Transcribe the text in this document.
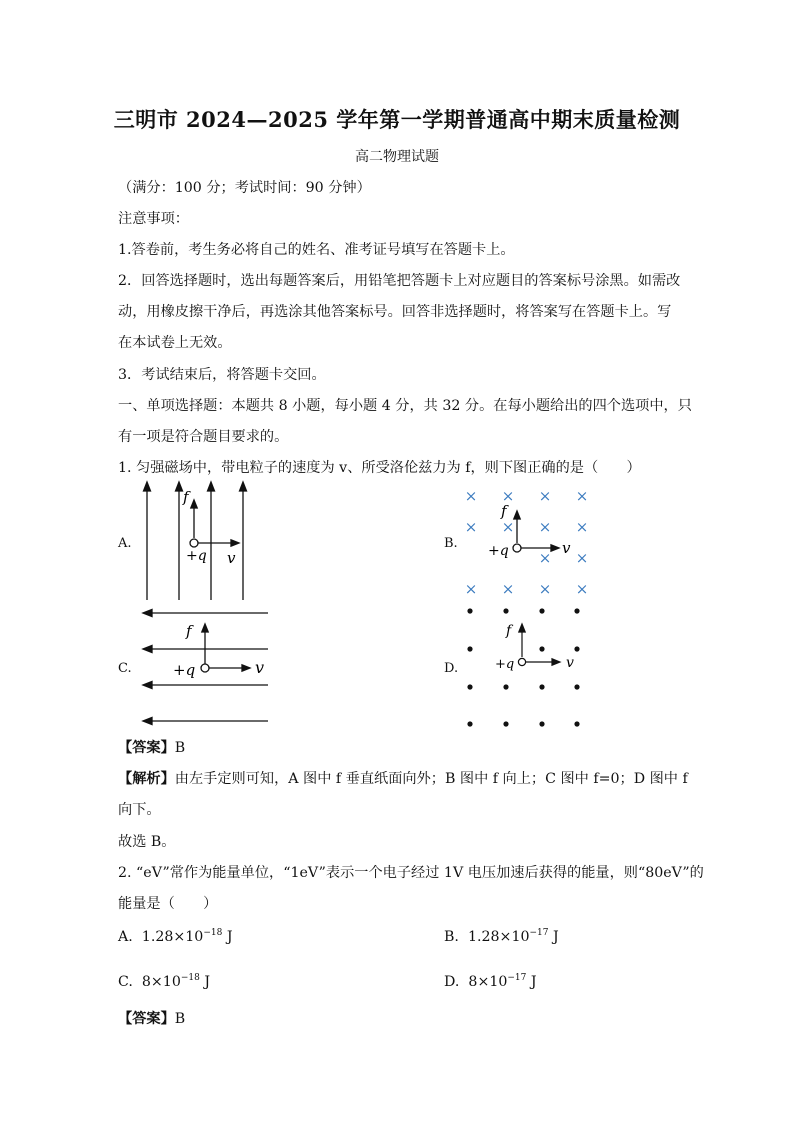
三明市 2024—2025 学年第一学期普通高中期末质量检测
高二物理试题
（满分：100 分；考试时间：90 分钟）
注意事项：
1.答卷前，考生务必将自己的姓名、准考证号填写在答题卡上。
2．回答选择题时，选出每题答案后，用铅笔把答题卡上对应题目的答案标号涂黑。如需改
动，用橡皮擦干净后，再选涂其他答案标号。回答非选择题时，将答案写在答题卡上。写
在本试卷上无效。
3．考试结束后，将答题卡交回。
一、单项选择题：本题共 8 小题，每小题 4 分，共 32 分。在每小题给出的四个选项中，只
有一项是符合题目要求的。
1. 匀强磁场中，带电粒子的速度为 v、所受洛伦兹力为 f，则下图正确的是（　　）
A.	B.
C.	D.
f
+q v
× × × ×
× × × ×
× ×
× × × ×
f
+q	v
f
+q	v
f
+q	v
【答案】B
【解析】由左手定则可知，A 图中 f 垂直纸面向外；B 图中 f 向上；C 图中 f=0；D 图中 f
向下。
故选 B。
2. “eV”常作为能量单位，“1eV”表示一个电子经过 1V 电压加速后获得的能量，则“80eV”的
能量是（　　）
A. $1.28\times 10^{-18}$ J	B. $1.28\times 10^{-17}$ J
C. $8\times 10^{-18}$ J	D. $8\times 10^{-17}$ J
【答案】B
